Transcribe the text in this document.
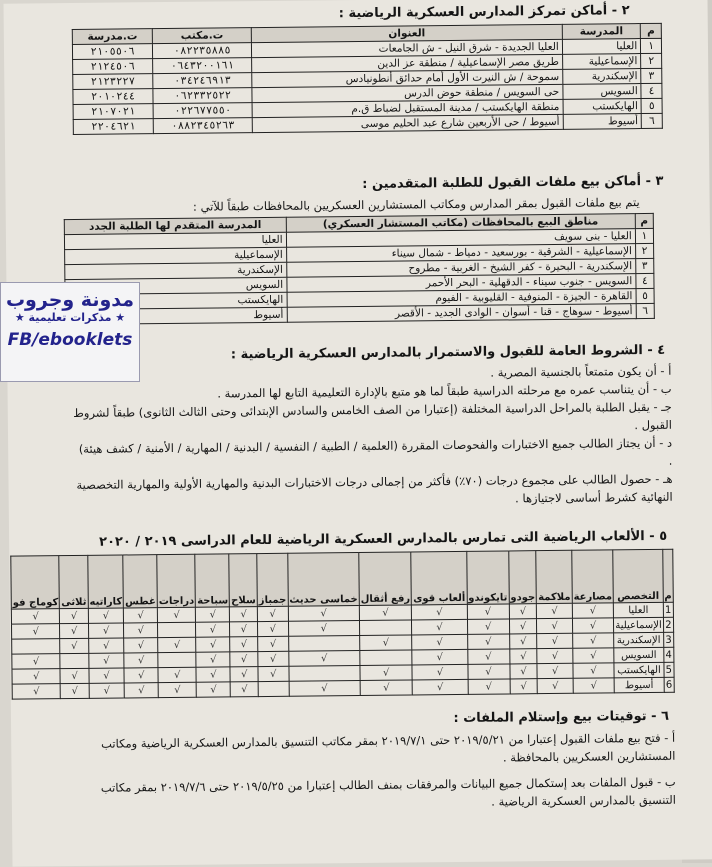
٢ - أماكن تمركز المدارس العسكرية الرياضية :
م	المدرسة	العنوان	ت.مكتب	ت.مدرسة
١	العليا	العليا الجديدة - شرق النيل - ش الجامعات	٠٨٢٢٣٥٨٨٥	٢١٠٥٥٠٦
٢	الإسماعيلية	طريق مصر الإسماعيلية / منطقة عز الدين	٠٦٤٣٢٠٠١٦١	٢١٢٤٥٠٦
٣	الإسكندرية	سموحة / ش النيرت الأول أمام حدائق أنطونيادس	٠٣٤٢٤٦٩١٣	٢١٢٣٢٢٧
٤	السويس	حى السويس / منطقة حوض الدرس	٠٦٢٣٣٢٥٢٢	٢٠١٠٢٤٤
٥	الهايكستب	منطقة الهايكستب / مدينة المستقبل لضباط ق.م	٠٢٢٦٧٧٥٥٠	٢١٠٧٠٢١
٦	أسيوط	أسيوط / حى الأربعين شارع عبد الحليم موسى	٠٨٨٢٣٤٥٢٦٣	٢٢٠٤٦٢١
٣ - أماكن بيع ملفات القبول للطلبة المتقدمين :
يتم بيع ملفات القبول بمقر المدارس ومكاتب المستشارين العسكريين بالمحافظات طبقاً للآتي :
م	مناطق البيع بالمحافظات (مكاتب المستشار العسكري)	المدرسة المتقدم لها الطلبة الجدد
١	العليا - بنى سويف	العليا
٢	الإسماعيلية - الشرقية - بورسعيد - دمياط - شمال سيناء	الإسماعيلية
٣	الإسكندرية - البحيرة - كفر الشيخ - الغربية - مطروح	الإسكندرية
٤	السويس - جنوب سيناء - الدقهلية - البحر الأحمر	السويس
٥	القاهرة - الجيزة - المنوفية - القليوبية - الفيوم	الهايكستب
٦	أسيوط - سوهاج - قنا - أسوان - الوادى الجديد - الأقصر	أسيوط
٤ - الشروط العامة للقبول والاستمرار بالمدارس العسكرية الرياضية :
أ - أن يكون متمتعاً بالجنسية المصرية .
ب - أن يتناسب عمره مع مرحلته الدراسية طبقاً لما هو متبع بالإدارة التعليمية التابع لها المدرسة .
جـ - يقبل الطلبة بالمراحل الدراسية المختلفة (إعتبارا من الصف الخامس والسادس الإبتدائى وحتى الثالث الثانوى) طبقاً لشروط القبول .
د - أن يجتاز الطالب جميع الاختبارات والفحوصات المقررة (العلمية / الطبية / النفسية / البدنية / المهارية / الأمنية / كشف هيئة) .
هـ - حصول الطالب على مجموع درجات (٧٠٪) فأكثر من إجمالى درجات الاختبارات البدنية والمهارية الأولية والمهارية التخصصية النهائية كشرط أساسى لاجتيازها .
٥ - الألعاب الرياضية التى تمارس بالمدارس العسكرية الرياضية للعام الدراسى ٢٠١٩ / ٢٠٢٠
م	التخصص	مصارعة	ملاكمة	جودو	تايكوندو	ألعاب قوى	رفع أثقال	خماسى حديث	جمباز	سلاح	سباحة	دراجات	غطس	كاراتيه	ثلاثى	كوماج فو
1	العليا	√	√	√	√	√	√	√	√	√	√	√	√	√	√	√
2	الإسماعيلية	√	√	√	√	√		√	√	√	√		√	√	√	√
3	الإسكندرية	√	√	√	√	√	√		√	√	√	√	√	√	√	
4	السويس	√	√	√	√	√		√	√	√	√		√	√		√
5	الهايكستب	√	√	√	√	√	√		√	√	√	√	√	√	√	√
6	أسيوط	√	√	√	√	√	√	√		√	√	√	√	√	√	√
٦ - توقيتات بيع وإستلام الملفات :
أ - فتح بيع ملفات القبول إعتبارا من ٢٠١٩/٥/٢١ حتى ٢٠١٩/٧/١ بمقر مكاتب التنسيق بالمدارس العسكرية الرياضية ومكاتب المستشارين العسكريين بالمحافظة .
ب - قبول الملفات بعد إستكمال جميع البيانات والمرفقات بمنف الطالب إعتبارا من ٢٠١٩/٥/٢٥ حتى ٢٠١٩/٧/٦ بمقر مكاتب التنسيق بالمدارس العسكرية الرياضية .
مدونة وجروب
★ مذكرات تعليمية ★
FB/ebooklets
